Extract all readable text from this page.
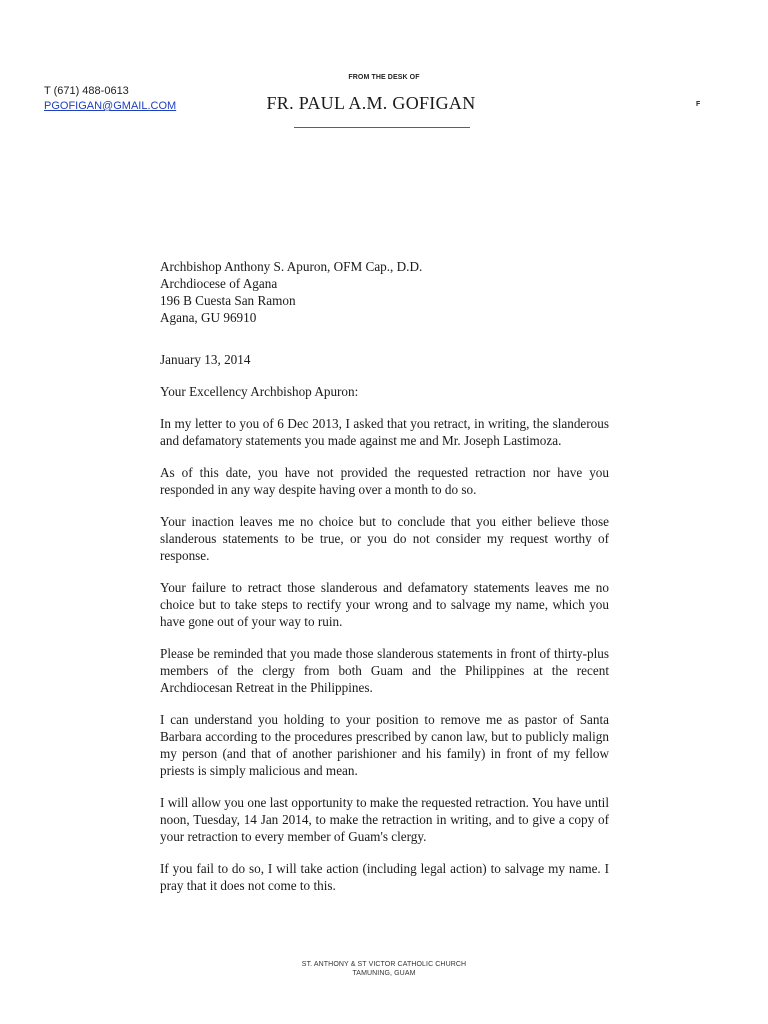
T (671) 488-0613
PGOFIGAN@GMAIL.COM
FROM THE DESK OF
FR. PAUL A.M. GOFIGAN	F
Archbishop Anthony S. Apuron, OFM Cap., D.D.
Archdiocese of Agana
196 B Cuesta San Ramon
Agana, GU 96910
January 13, 2014
Your Excellency Archbishop Apuron:

In my letter to you of 6 Dec 2013, I asked that you retract, in writing, the slanderous and defamatory statements you made against me and Mr. Joseph Lastimoza.

As of this date, you have not provided the requested retraction nor have you responded in any way despite having over a month to do so.

Your inaction leaves me no choice but to conclude that you either believe those slanderous statements to be true, or you do not consider my request worthy of response.

Your failure to retract those slanderous and defamatory statements leaves me no choice but to take steps to rectify your wrong and to salvage my name, which you have gone out of your way to ruin.

Please be reminded that you made those slanderous statements in front of thirty-plus members of the clergy from both Guam and the Philippines at the recent Archdiocesan Retreat in the Philippines.

I can understand you holding to your position to remove me as pastor of Santa Barbara according to the procedures prescribed by canon law, but to publicly malign my person (and that of another parishioner and his family) in front of my fellow priests is simply malicious and mean.

I will allow you one last opportunity to make the requested retraction. You have until noon, Tuesday, 14 Jan 2014, to make the retraction in writing, and to give a copy of your retraction to every member of Guam's clergy.

If you fail to do so, I will take action (including legal action) to salvage my name. I pray that it does not come to this.

ST. ANTHONY & ST VICTOR CATHOLIC CHURCH
TAMUNING, GUAM
